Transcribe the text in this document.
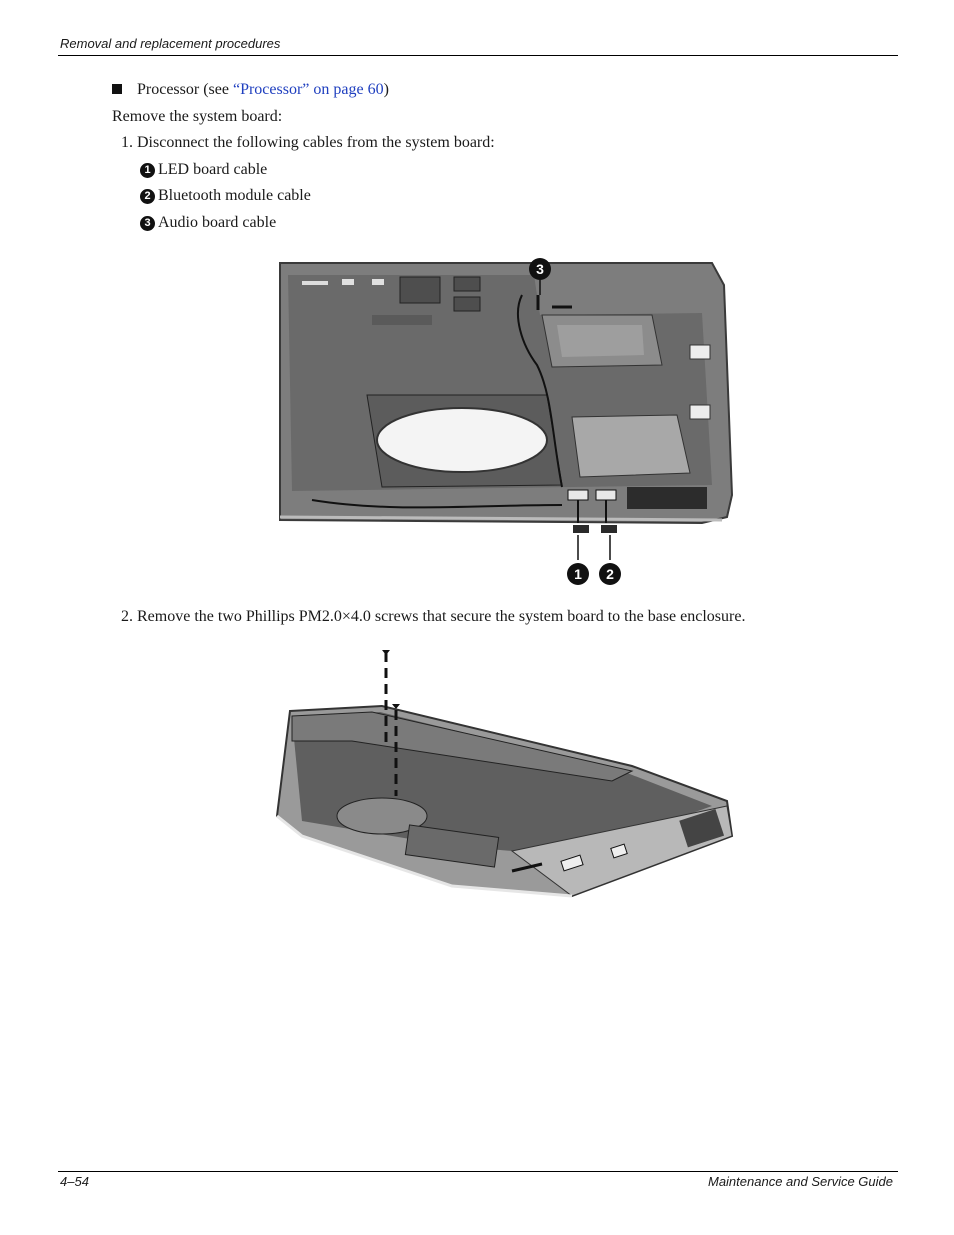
Removal and replacement procedures
Processor (see “Processor” on page 60)
Remove the system board:
1. Disconnect the following cables from the system board:
1 LED board cable
2 Bluetooth module cable
3 Audio board cable
1 2
3
2. Remove the two Phillips PM2.0×4.0 screws that secure the system board to the base enclosure.
4–54	Maintenance and Service Guide
